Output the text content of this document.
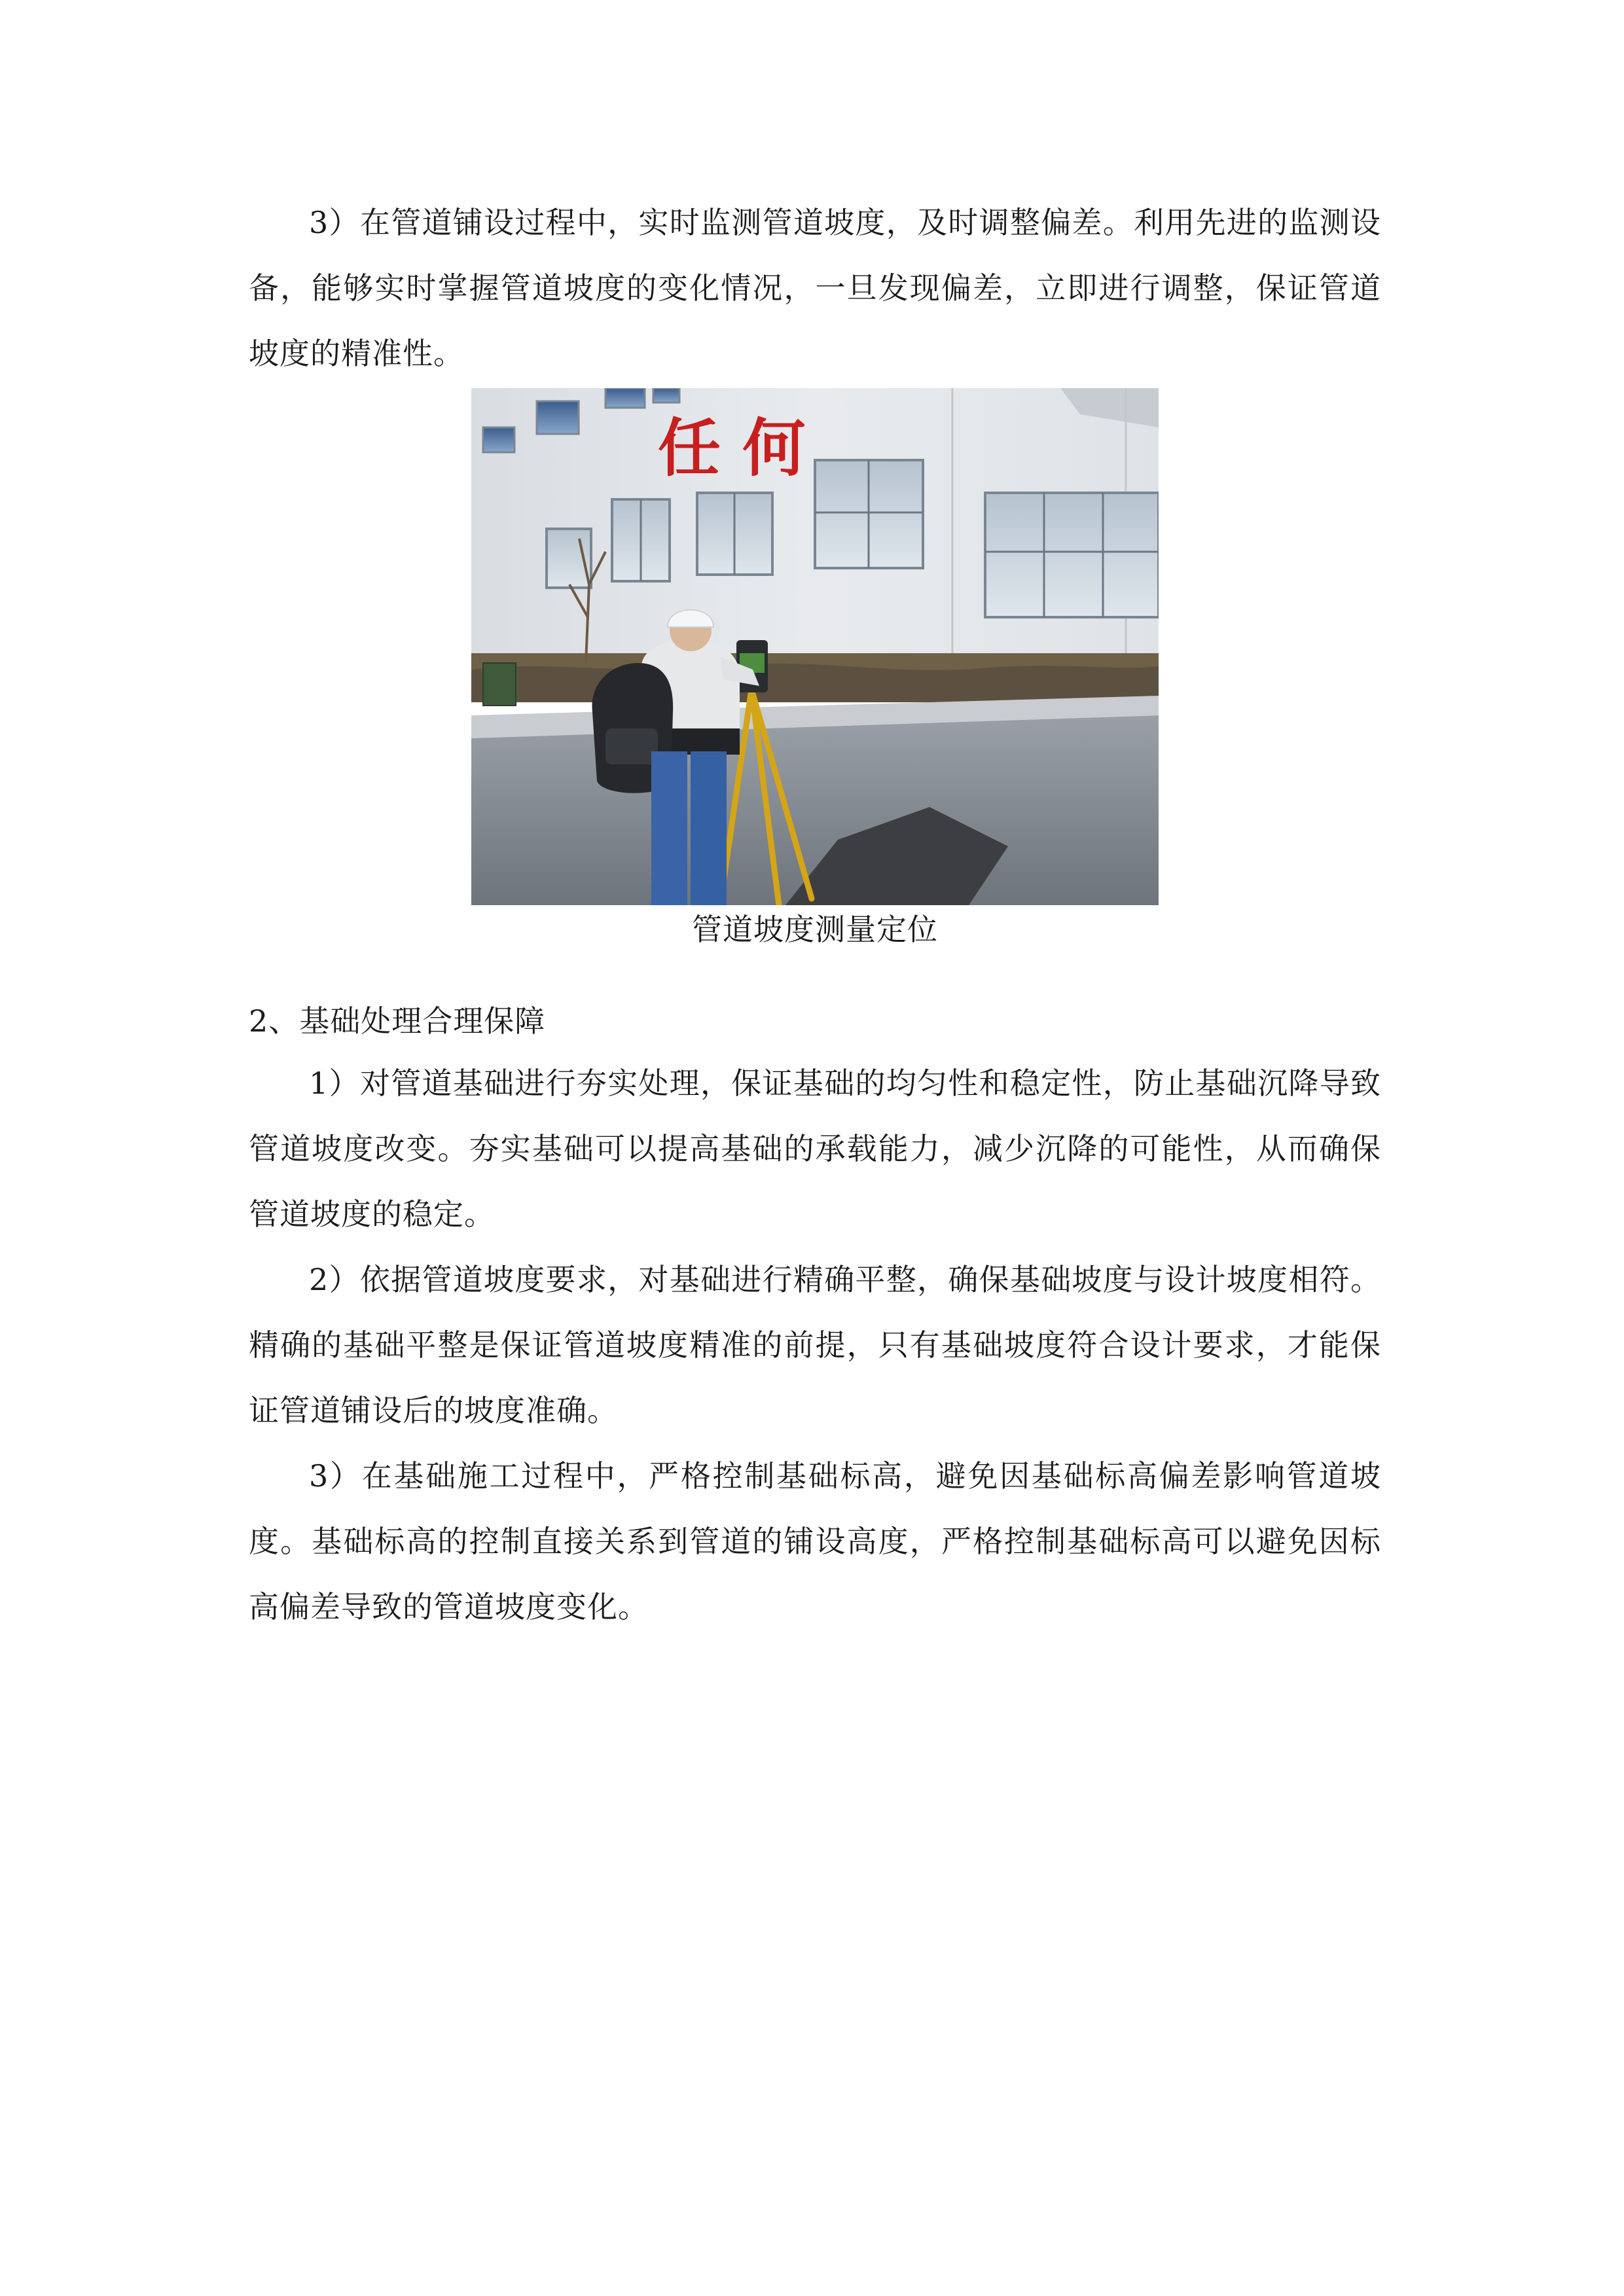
3）在管道铺设过程中，实时监测管道坡度，及时调整偏差。利用先进的监测设备，能够实时掌握管道坡度的变化情况，一旦发现偏差，立即进行调整，保证管道坡度的精准性。

任 何
管道坡度测量定位

2、基础处理合理保障

1）对管道基础进行夯实处理，保证基础的均匀性和稳定性，防止基础沉降导致管道坡度改变。夯实基础可以提高基础的承载能力，减少沉降的可能性，从而确保管道坡度的稳定。

2）依据管道坡度要求，对基础进行精确平整，确保基础坡度与设计坡度相符。精确的基础平整是保证管道坡度精准的前提，只有基础坡度符合设计要求，才能保证管道铺设后的坡度准确。

3）在基础施工过程中，严格控制基础标高，避免因基础标高偏差影响管道坡度。基础标高的控制直接关系到管道的铺设高度，严格控制基础标高可以避免因标高偏差导致的管道坡度变化。
